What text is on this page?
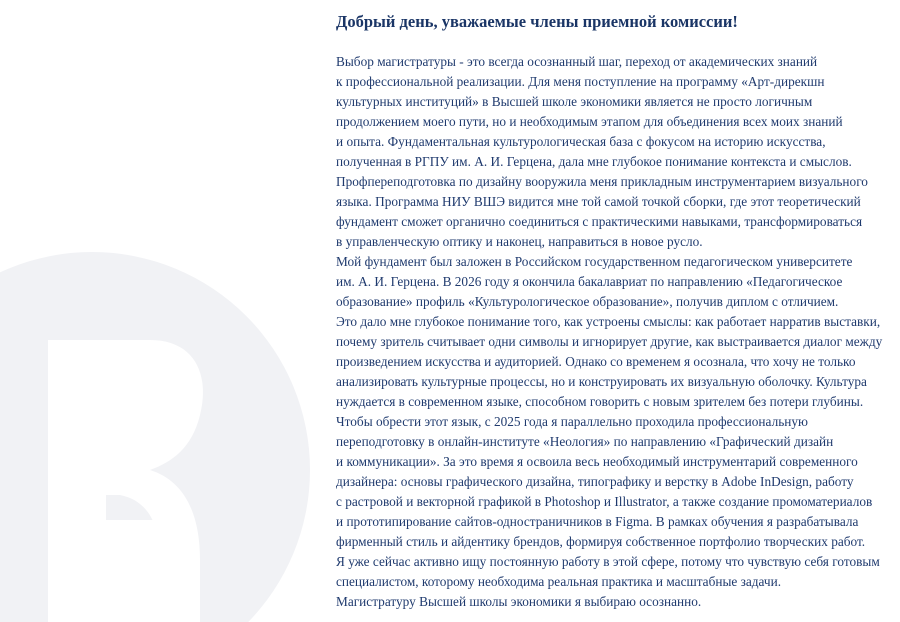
Добрый день, уважаемые члены приемной комиссии!
Выбор магистратуры - это всегда осознанный шаг, переход от академических знаний
к профессиональной реализации. Для меня поступление на программу «Арт-дирекшн
культурных институций» в Высшей школе экономики является не просто логичным
продолжением моего пути, но и необходимым этапом для объединения всех моих знаний
и опыта. Фундаментальная культурологическая база с фокусом на историю искусства,
полученная в РГПУ им. А. И. Герцена, дала мне глубокое понимание контекста и смыслов.
Профпереподготовка по дизайну вооружила меня прикладным инструментарием визуального
языка. Программа НИУ ВШЭ видится мне той самой точкой сборки, где этот теоретический
фундамент сможет органично соединиться с практическими навыками, трансформироваться
в управленческую оптику и наконец, направиться в новое русло.
Мой фундамент был заложен в Российском государственном педагогическом университете
им. А. И. Герцена. В 2026 году я окончила бакалавриат по направлению «Педагогическое
образование» профиль «Культурологическое образование», получив диплом с отличием.
Это дало мне глубокое понимание того, как устроены смыслы: как работает нарратив выставки,
почему зритель считывает одни символы и игнорирует другие, как выстраивается диалог между
произведением искусства и аудиторией. Однако со временем я осознала, что хочу не только
анализировать культурные процессы, но и конструировать их визуальную оболочку. Культура
нуждается в современном языке, способном говорить с новым зрителем без потери глубины.
Чтобы обрести этот язык, с 2025 года я параллельно проходила профессиональную
переподготовку в онлайн-институте «Неология» по направлению «Графический дизайн
и коммуникации». За это время я освоила весь необходимый инструментарий современного
дизайнера: основы графического дизайна, типографику и верстку в Adobe InDesign, работу
с растровой и векторной графикой в Photoshop и Illustrator, а также создание промоматериалов
и прототипирование сайтов-одностраничников в Figma. В рамках обучения я разрабатывала
фирменный стиль и айдентику брендов, формируя собственное портфолио творческих работ.
Я уже сейчас активно ищу постоянную работу в этой сфере, потому что чувствую себя готовым
специалистом, которому необходима реальная практика и масштабные задачи.
Магистратуру Высшей школы экономики я выбираю осознанно.
